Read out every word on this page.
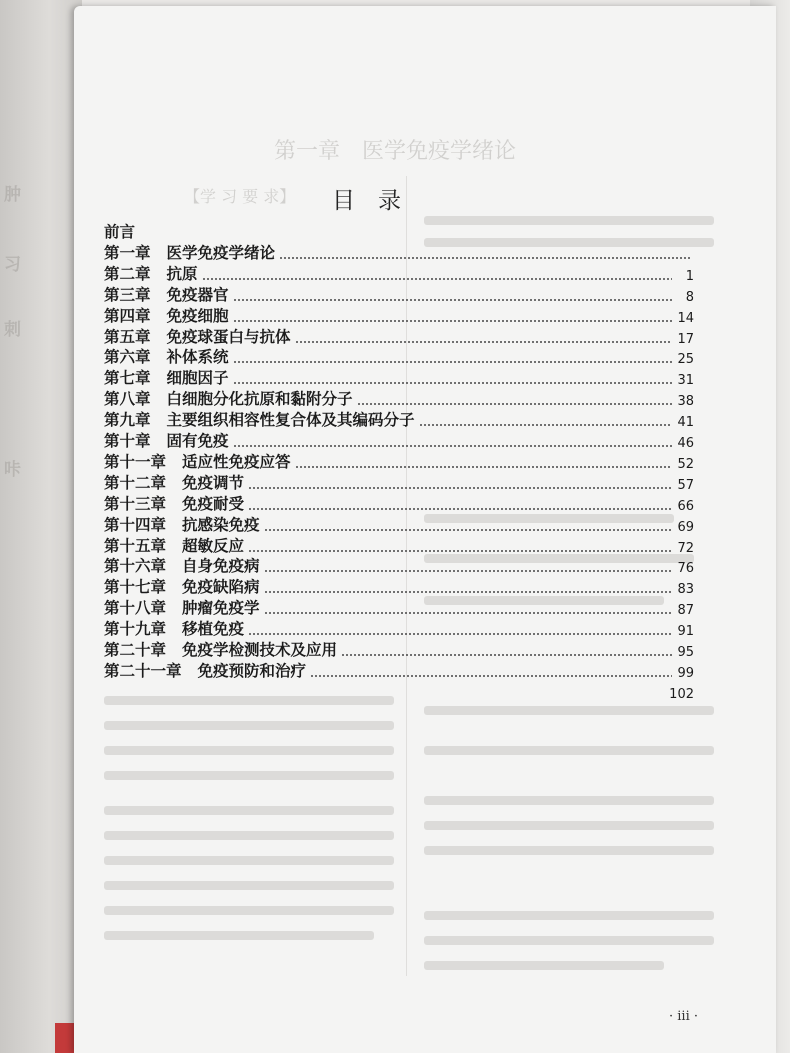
肿
习
刺
咔
第一章　医学免疫学绪论
【学 习 要 求】 目　录
前言
第一章 医学免疫学绪论
第二章 抗原	1
第三章 免疫器官	8
第四章 免疫细胞	14
第五章 免疫球蛋白与抗体	17
第六章 补体系统	25
第七章 细胞因子	31
第八章 白细胞分化抗原和黏附分子	38
第九章 主要组织相容性复合体及其编码分子	41
第十章 固有免疫	46
第十一章 适应性免疫应答	52
第十二章 免疫调节	57
第十三章 免疫耐受	66
第十四章 抗感染免疫	69
第十五章 超敏反应	72
第十六章 自身免疫病	76
第十七章 免疫缺陷病	83
第十八章 肿瘤免疫学	87
第十九章 移植免疫	91
第二十章 免疫学检测技术及应用	95
第二十一章 免疫预防和治疗	99
102
· iii ·
